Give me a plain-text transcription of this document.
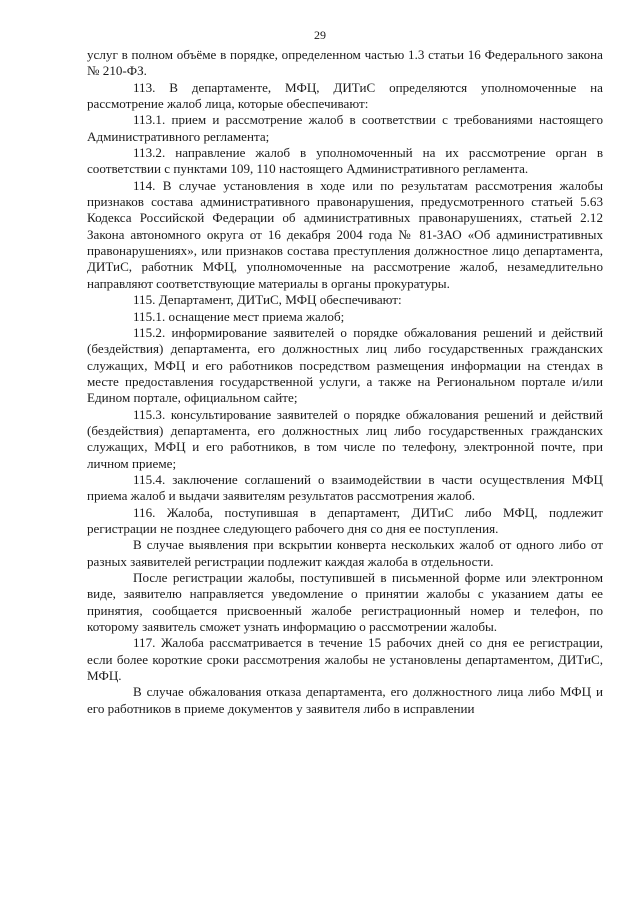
29

услуг в полном объёме в порядке, определенном частью 1.3 статьи 16 Федерального закона № 210-ФЗ.

113. В департаменте, МФЦ, ДИТиС определяются уполномоченные на рассмотрение жалоб лица, которые обеспечивают:

113.1. прием и рассмотрение жалоб в соответствии с требованиями настоящего Административного регламента;

113.2. направление жалоб в уполномоченный на их рассмотрение орган в соответствии с пунктами 109, 110 настоящего Административного регламента.

114. В случае установления в ходе или по результатам рассмотрения жалобы признаков состава административного правонарушения, предусмотренного статьей 5.63 Кодекса Российской Федерации об административных правонарушениях, статьей 2.12 Закона автономного округа от 16 декабря 2004 года № 81-ЗАО «Об административных правонарушениях», или признаков состава преступления должностное лицо департамента, ДИТиС, работник МФЦ, уполномоченные на рассмотрение жалоб, незамедлительно направляют соответствующие материалы в органы прокуратуры.

115. Департамент, ДИТиС, МФЦ обеспечивают:

115.1. оснащение мест приема жалоб;

115.2. информирование заявителей о порядке обжалования решений и действий (бездействия) департамента, его должностных лиц либо государственных гражданских служащих, МФЦ и его работников посредством размещения информации на стендах в месте предоставления государственной услуги, а также на Региональном портале и/или Едином портале, официальном сайте;

115.3. консультирование заявителей о порядке обжалования решений и действий (бездействия) департамента, его должностных лиц либо государственных гражданских служащих, МФЦ и его работников, в том числе по телефону, электронной почте, при личном приеме;

115.4. заключение соглашений о взаимодействии в части осуществления МФЦ приема жалоб и выдачи заявителям результатов рассмотрения жалоб.

116. Жалоба, поступившая в департамент, ДИТиС либо МФЦ, подлежит регистрации не позднее следующего рабочего дня со дня ее поступления.

В случае выявления при вскрытии конверта нескольких жалоб от одного либо от разных заявителей регистрации подлежит каждая жалоба в отдельности.

После регистрации жалобы, поступившей в письменной форме или электронном виде, заявителю направляется уведомление о принятии жалобы с указанием даты ее принятия, сообщается присвоенный жалобе регистрационный номер и телефон, по которому заявитель сможет узнать информацию о рассмотрении жалобы.

117. Жалоба рассматривается в течение 15 рабочих дней со дня ее регистрации, если более короткие сроки рассмотрения жалобы не установлены департаментом, ДИТиС, МФЦ.

В случае обжалования отказа департамента, его должностного лица либо МФЦ и его работников в приеме документов у заявителя либо в исправлении
